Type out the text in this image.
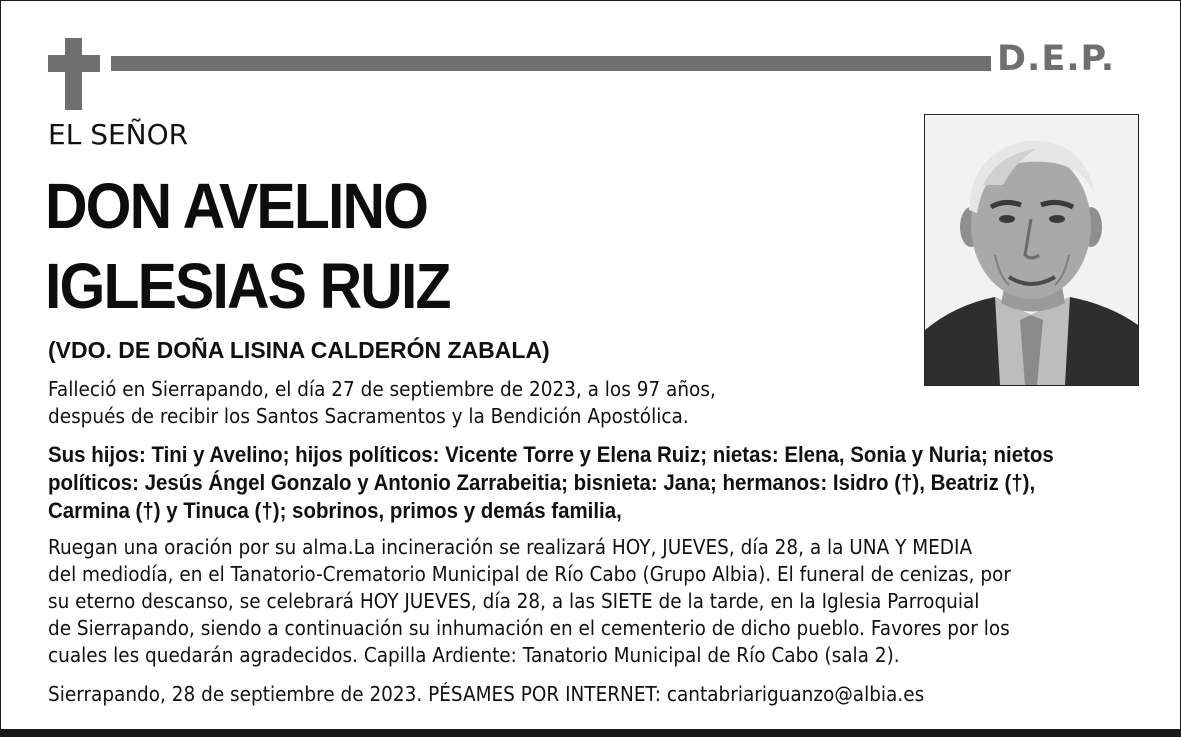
D.E.P.
EL SEÑOR
DON AVELINO
IGLESIAS RUIZ
(VDO. DE DOÑA LISINA CALDERÓN ZABALA)
Falleció en Sierrapando, el día 27 de septiembre de 2023, a los 97 años,
después de recibir los Santos Sacramentos y la Bendición Apostólica.
Sus hijos: Tini y Avelino; hijos políticos: Vicente Torre y Elena Ruiz; nietas: Elena, Sonia y Nuria; nietos
políticos: Jesús Ángel Gonzalo y Antonio Zarrabeitia; bisnieta: Jana; hermanos: Isidro (†), Beatriz (†),
Carmina (†) y Tinuca (†); sobrinos, primos y demás familia,
Ruegan una oración por su alma.La incineración se realizará HOY, JUEVES, día 28, a la UNA Y MEDIA
del mediodía, en el Tanatorio-Crematorio Municipal de Río Cabo (Grupo Albia). El funeral de cenizas, por
su eterno descanso, se celebrará HOY JUEVES, día 28, a las SIETE de la tarde, en la Iglesia Parroquial
de Sierrapando, siendo a continuación su inhumación en el cementerio de dicho pueblo. Favores por los
cuales les quedarán agradecidos. Capilla Ardiente: Tanatorio Municipal de Río Cabo (sala 2).
Sierrapando, 28 de septiembre de 2023. PÉSAMES POR INTERNET: cantabriariguanzo@albia.es
